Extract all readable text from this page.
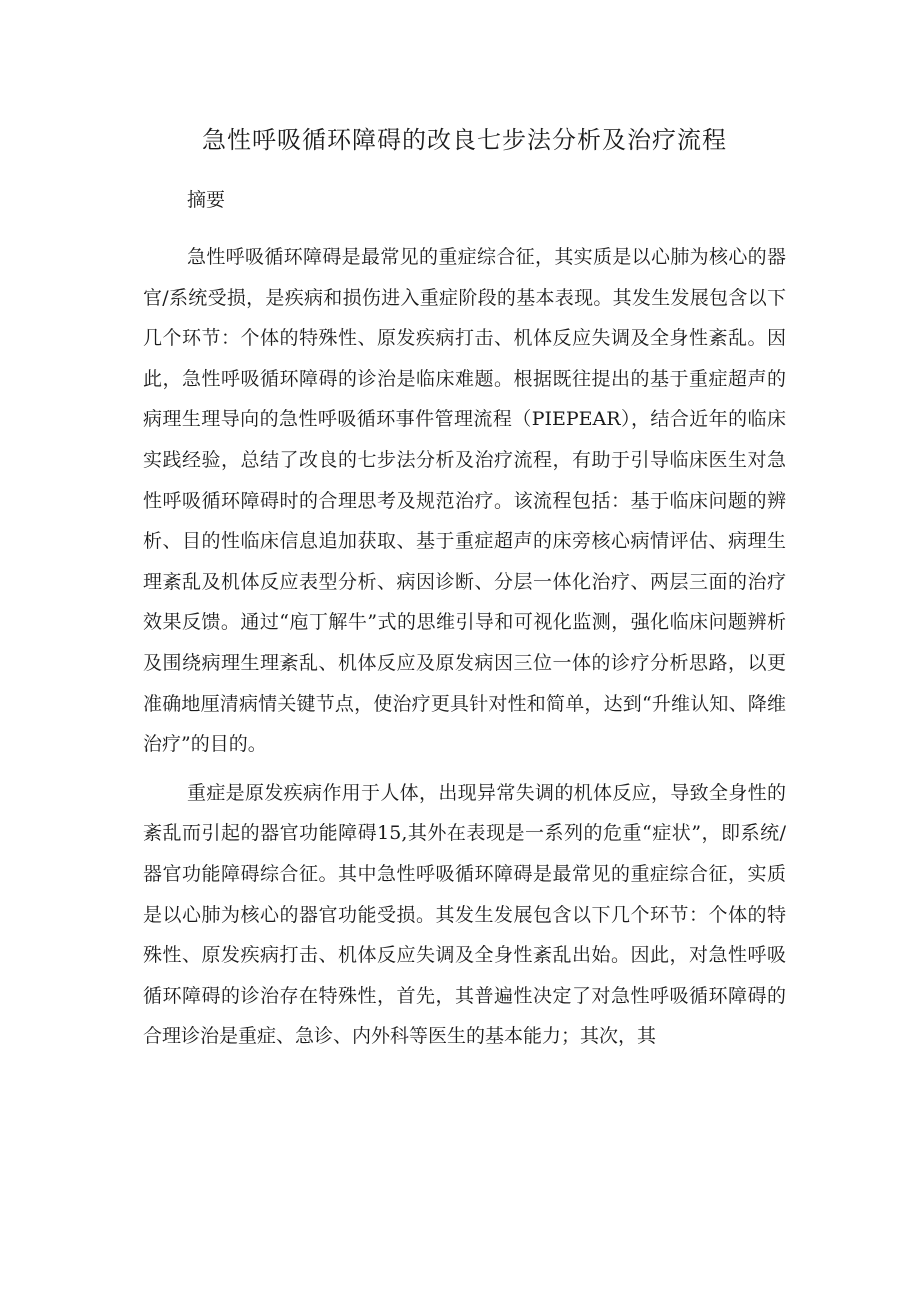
急性呼吸循环障碍的改良七步法分析及治疗流程
摘要

急性呼吸循环障碍是最常见的重症综合征，其实质是以心肺为核心的器官/系统受损，是疾病和损伤进入重症阶段的基本表现。其发生发展包含以下几个环节：个体的特殊性、原发疾病打击、机体反应失调及全身性紊乱。因此，急性呼吸循环障碍的诊治是临床难题。根据既往提出的基于重症超声的病理生理导向的急性呼吸循环事件管理流程（PIEPEAR），结合近年的临床实践经验，总结了改良的七步法分析及治疗流程，有助于引导临床医生对急性呼吸循环障碍时的合理思考及规范治疗。该流程包括：基于临床问题的辨析、目的性临床信息追加获取、基于重症超声的床旁核心病情评估、病理生理紊乱及机体反应表型分析、病因诊断、分层一体化治疗、两层三面的治疗效果反馈。通过“庖丁解牛”式的思维引导和可视化监测，强化临床问题辨析及围绕病理生理紊乱、机体反应及原发病因三位一体的诊疗分析思路，以更准确地厘清病情关键节点，使治疗更具针对性和简单，达到“升维认知、降维治疗”的目的。

重症是原发疾病作用于人体，出现异常失调的机体反应，导致全身性的紊乱而引起的器官功能障碍15,其外在表现是一系列的危重“症状”，即系统/器官功能障碍综合征。其中急性呼吸循环障碍是最常见的重症综合征，实质是以心肺为核心的器官功能受损。其发生发展包含以下几个环节：个体的特殊性、原发疾病打击、机体反应失调及全身性紊乱出始。因此，对急性呼吸循环障碍的诊治存在特殊性，首先，其普遍性决定了对急性呼吸循环障碍的合理诊治是重症、急诊、内外科等医生的基本能力；其次，其
